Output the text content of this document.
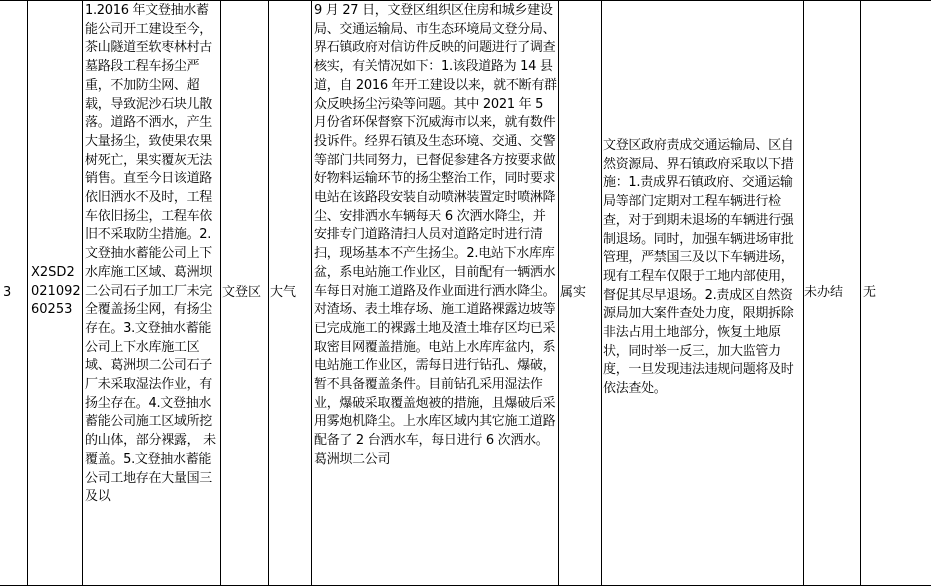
3
X2SD202109260253
1.2016 年文登抽水蓄能公司开工建设至今，茶山隧道至软枣林村古墓路段工程车扬尘严重，不加防尘网、超载，导致泥沙石块儿散落。道路不洒水，产生大量扬尘，致使果农果树死亡，果实覆灰无法销售。直至今日该道路依旧洒水不及时，工程车依旧扬尘，工程车依旧不采取防尘措施。2.文登抽水蓄能公司上下水库施工区域、葛洲坝二公司石子加工厂未完全覆盖扬尘网，有扬尘存在。3.文登抽水蓄能公司上下水库施工区域、葛洲坝二公司石子厂未采取湿法作业，有扬尘存在。4.文登抽水蓄能公司施工区域所挖的山体，部分裸露， 未覆盖。5.文登抽水蓄能公司工地存在大量国三及以
文登区 大气
9 月 27 日，文登区组织区住房和城乡建设局、交通运输局、市生态环境局文登分局、界石镇政府对信访件反映的问题进行了调查核实，有关情况如下：1.该段道路为 14 县道，自 2016 年开工建设以来，就不断有群众反映扬尘污染等问题。其中 2021 年 5 月份省环保督察下沉威海市以来，就有数件投诉件。经界石镇及生态环境、交通、交警等部门共同努力，已督促参建各方按要求做好物料运输环节的扬尘整治工作，同时要求电站在该路段安装自动喷淋装置定时喷淋降尘、安排洒水车辆每天 6 次洒水降尘，并安排专门道路清扫人员对道路定时进行清扫，现场基本不产生扬尘。2.电站下水库库盆，系电站施工作业区，目前配有一辆洒水车每日对施工道路及作业面进行洒水降尘。对渣场、表土堆存场、施工道路裸露边坡等已完成施工的裸露土地及渣土堆存区均已采取密目网覆盖措施。电站上水库库盆内，系电站施工作业区，需每日进行钻孔、爆破，暂不具备覆盖条件。目前钻孔采用湿法作业，爆破采取覆盖炮被的措施，且爆破后采用雾炮机降尘。上水库区域内其它施工道路配备了 2 台洒水车，每日进行 6 次洒水。葛洲坝二公司
属实
文登区政府责成交通运输局、区自然资源局、界石镇政府采取以下措施：1.责成界石镇政府、交通运输局等部门定期对工程车辆进行检查，对于到期未退场的车辆进行强制退场。同时，加强车辆进场审批管理，严禁国三及以下车辆进场，现有工程车仅限于工地内部使用，督促其尽早退场。2.责成区自然资源局加大案件查处力度，限期拆除非法占用土地部分，恢复土地原状，同时举一反三，加大监管力度，一旦发现违法违规问题将及时依法查处。
未办结 无
